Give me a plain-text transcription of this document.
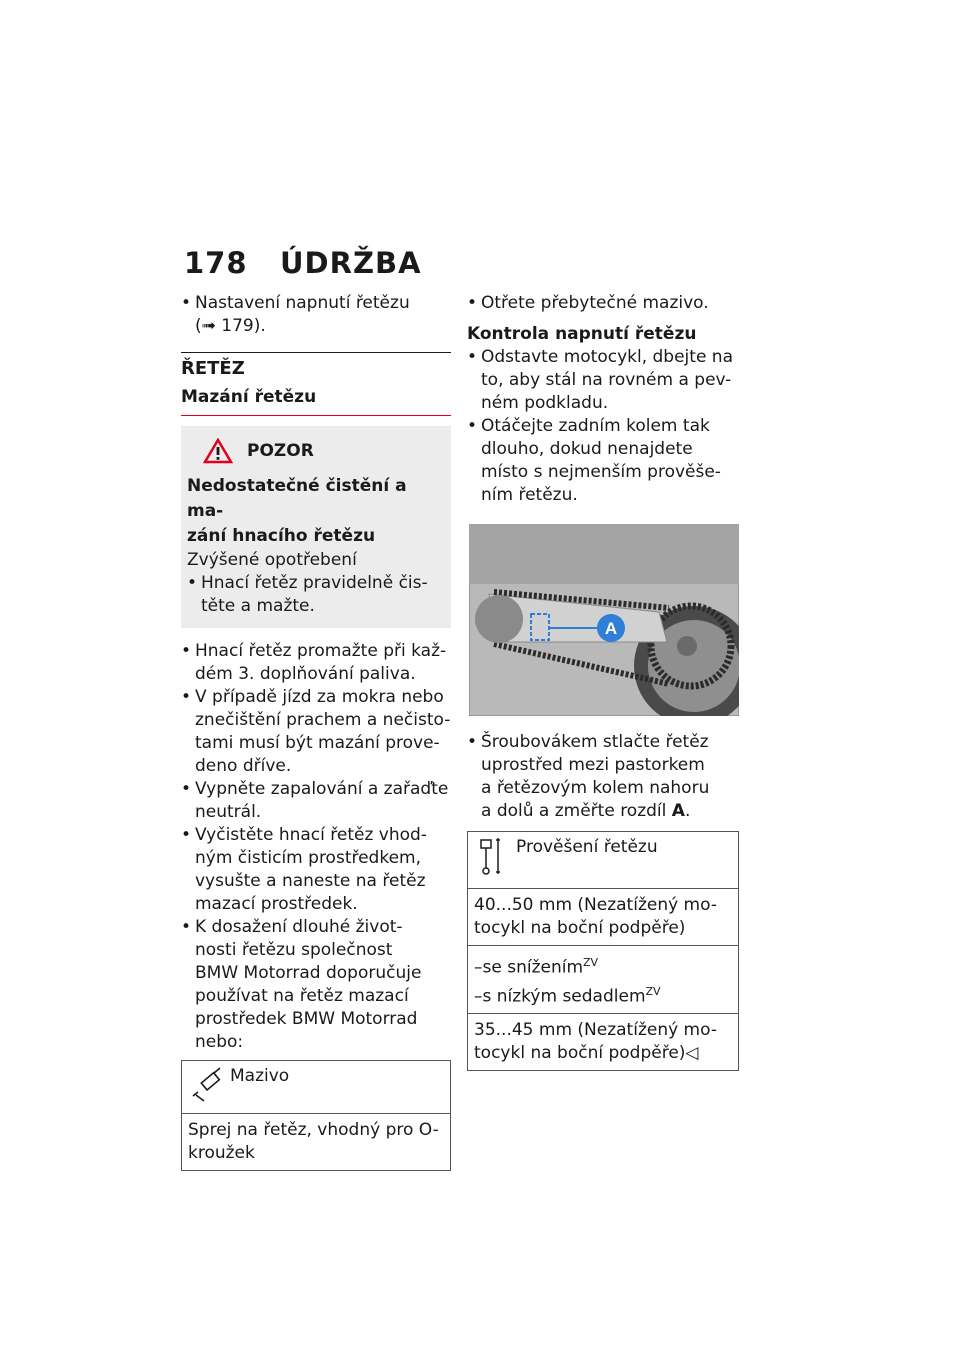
178 ÚDRŽBA
• Nastavení napnutí řetězu
(➟ 179).
ŘETĚZ
Mazání řetězu
POZOR
Nedostatečné čistění a ma-
zání hnacího řetězu
Zvýšené opotřebení
• Hnací řetěz pravidelně čis-
těte a mažte.
• Hnací řetěz promažte při kaž-
dém 3. doplňování paliva.
• V případě jízd za mokra nebo
znečištění prachem a nečisto-
tami musí být mazání prove-
deno dříve.
• Vypněte zapalování a zařaďte
neutrál.
• Vyčistěte hnací řetěz vhod-
ným čisticím prostředkem,
vysušte a naneste na řetěz
mazací prostředek.
• K dosažení dlouhé život-
nosti řetězu společnost
BMW Motorrad doporučuje
používat na řetěz mazací
prostředek BMW Motorrad
nebo:
Mazivo
Sprej na řetěz, vhodný pro O-
kroužek
• Otřete přebytečné mazivo.
Kontrola napnutí řetězu
• Odstavte motocykl, dbejte na
to, aby stál na rovném a pev-
ném podkladu.
• Otáčejte zadním kolem tak
dlouho, dokud nenajdete
místo s nejmenším prověše-
ním řetězu.
A
• Šroubovákem stlačte řetěz
uprostřed mezi pastorkem
a řetězovým kolem nahoru
a dolů a změřte rozdíl A.
Prověšení řetězu
40...50 mm (Nezatížený mo-
tocykl na boční podpěře)
–se snížením$^{ZV}$
–s nízkým sedadlem$^{ZV}$
35...45 mm (Nezatížený mo-
tocykl na boční podpěře)◁
